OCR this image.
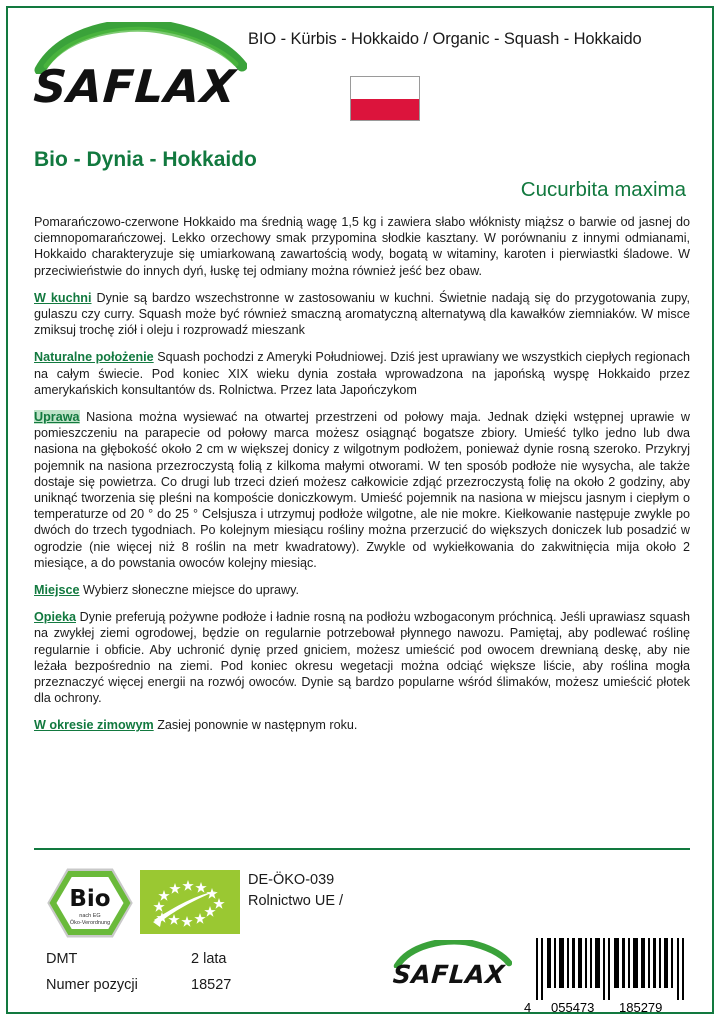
SAFLAX
BIO - Kürbis - Hokkaido / Organic - Squash - Hokkaido
Bio - Dynia - Hokkaido
Cucurbita maxima

Pomarańczowo-czerwone Hokkaido ma średnią wagę 1,5 kg i zawiera słabo włóknisty miąższ o barwie od jasnej do ciemnopomarańczowej. Lekko orzechowy smak przypomina słodkie kasztany. W porównaniu z innymi odmianami, Hokkaido charakteryzuje się umiarkowaną zawartością wody, bogatą w witaminy, karoten i pierwiastki śladowe. W przeciwieństwie do innych dyń, łuskę tej odmiany można również jeść bez obaw.

W kuchni Dynie są bardzo wszechstronne w zastosowaniu w kuchni. Świetnie nadają się do przygotowania zupy, gulaszu czy curry. Squash może być również smaczną aromatyczną alternatywą dla kawałków ziemniaków. W misce zmiksuj trochę ziół i oleju i rozprowadź mieszank

Naturalne położenie Squash pochodzi z Ameryki Południowej. Dziś jest uprawiany we wszystkich ciepłych regionach na całym świecie. Pod koniec XIX wieku dynia została wprowadzona na japońską wyspę Hokkaido przez amerykańskich konsultantów ds. Rolnictwa. Przez lata Japończykom

Uprawa Nasiona można wysiewać na otwartej przestrzeni od połowy maja. Jednak dzięki wstępnej uprawie w pomieszczeniu na parapecie od połowy marca możesz osiągnąć bogatsze zbiory. Umieść tylko jedno lub dwa nasiona na głębokość około 2 cm w większej donicy z wilgotnym podłożem, ponieważ dynie rosną szeroko. Przykryj pojemnik na nasiona przezroczystą folią z kilkoma małymi otworami. W ten sposób podłoże nie wysycha, ale także dostaje się powietrza. Co drugi lub trzeci dzień możesz całkowicie zdjąć przezroczystą folię na około 2 godziny, aby uniknąć tworzenia się pleśni na kompoście doniczkowym. Umieść pojemnik na nasiona w miejscu jasnym i ciepłym o temperaturze od 20 ° do 25 ° Celsjusza i utrzymuj podłoże wilgotne, ale nie mokre. Kiełkowanie następuje zwykle po dwóch do trzech tygodniach. Po kolejnym miesiącu rośliny można przerzucić do większych doniczek lub posadzić w ogrodzie (nie więcej niż 8 roślin na metr kwadratowy). Zwykle od wykiełkowania do zakwitnięcia mija około 2 miesiące, a do powstania owoców kolejny miesiąc.

Miejsce Wybierz słoneczne miejsce do uprawy.

Opieka Dynie preferują pożywne podłoże i ładnie rosną na podłożu wzbogaconym próchnicą. Jeśli uprawiasz squash na zwykłej ziemi ogrodowej, będzie on regularnie potrzebował płynnego nawozu. Pamiętaj, aby podlewać roślinę regularnie i obficie. Aby uchronić dynię przed gniciem, możesz umieścić pod owocem drewnianą deskę, aby nie leżała bezpośrednio na ziemi. Pod koniec okresu wegetacji można odciąć większe liście, aby roślina mogła przeznaczyć więcej energii na rozwój owoców. Dynie są bardzo popularne wśród ślimaków, możesz umieścić płotek dla ochrony.

W okresie zimowym Zasiej ponownie w następnym roku.

Bio
nach EG
Öko-Verordnung
DE-ÖKO-039
Rolnictwo UE /
DMT	2 lata
Numer pozycji	18527	SAFLAX
4 055473 185279
